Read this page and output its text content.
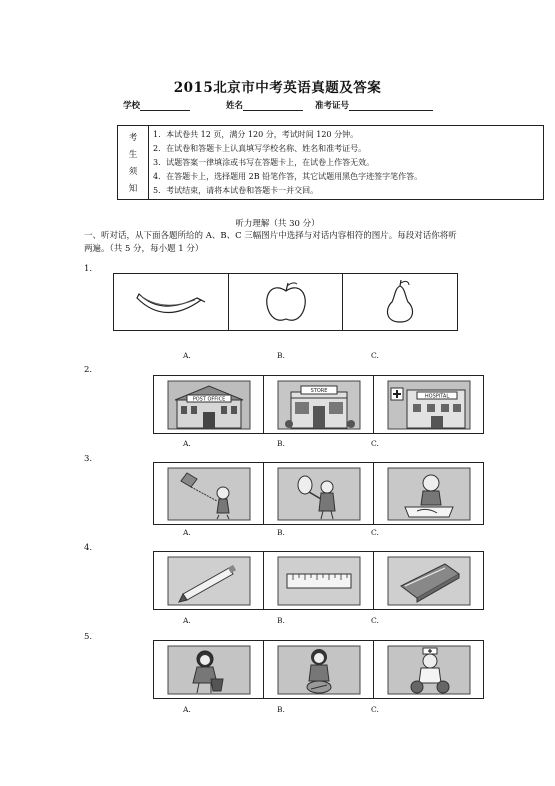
2015北京市中考英语真题及答案
学校	姓名	准考证号
考
生
须
知
1．本试卷共 12 页，满分 120 分，考试时间 120 分钟。
2．在试卷和答题卡上认真填写学校名称、姓名和准考证号。
3．试题答案一律填涂或书写在答题卡上，在试卷上作答无效。
4．在答题卡上，选择题用 2B 铅笔作答，其它试题用黑色字迹签字笔作答。
5．考试结束，请将本试卷和答题卡一并交回。
听力理解（共 30 分）
一、听对话，从下面各题所给的 A、B、C 三幅图片中选择与对话内容相符的图片。每段对话你将听两遍。（共 5 分，每小题 1 分）
1.
A.	B.	C.
2.
POST OFFICE
STORE
HOSPITAL
A.	B.	C.
3.
A.	B.	C.
4.
A.	B.	C.
5.
A.	B.	C.
